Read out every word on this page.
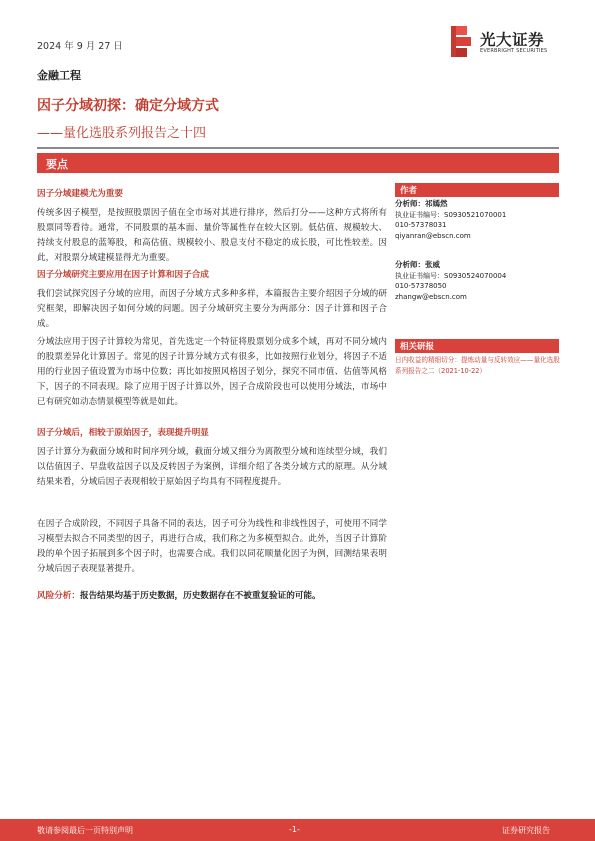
2024 年 9 月 27 日	光大证券
EVERBRIGHT SECURITIES
金融工程
因子分域初探：确定分域方式
——量化选股系列报告之十四
要点
因子分域建模尤为重要

传统多因子模型，是按照股票因子值在全市场对其进行排序，然后打分——这种方式将所有股票同等看待。通常，不同股票的基本面、量价等属性存在较大区别。低估值、规模较大、持续支付股息的蓝筹股，和高估值、规模较小、股息支付不稳定的成长股，可比性较差。因此，对股票分域建模显得尤为重要。

因子分域研究主要应用在因子计算和因子合成

我们尝试探究因子分域的应用，而因子分域方式多种多样，本篇报告主要介绍因子分域的研究框架，即解决因子如何分域的问题。因子分域研究主要分为两部分：因子计算和因子合成。

分域法应用于因子计算较为常见，首先选定一个特征将股票划分成多个域，再对不同分域内的股票差异化计算因子。常见的因子计算分域方式有很多，比如按照行业划分，将因子不适用的行业因子值设置为市场中位数；再比如按照风格因子划分，探究不同市值、估值等风格下，因子的不同表现。除了应用于因子计算以外，因子合成阶段也可以使用分域法，市场中已有研究如动态情景模型等就是如此。

因子分域后，相较于原始因子，表现提升明显

因子计算分为截面分域和时间序列分域，截面分域又细分为离散型分域和连续型分域，我们以估值因子、早盘收益因子以及反转因子为案例，详细介绍了各类分域方式的原理。从分域结果来看，分域后因子表现相较于原始因子均具有不同程度提升。

在因子合成阶段，不同因子具备不同的表达，因子可分为线性和非线性因子，可使用不同学习模型去拟合不同类型的因子，再进行合成，我们称之为多模型拟合。此外，当因子计算阶段的单个因子拓展到多个因子时，也需要合成。我们以同花顺量化因子为例，回测结果表明分域后因子表现显著提升。

风险分析：报告结果均基于历史数据，历史数据存在不被重复验证的可能。
作者
分析师：祁嫣然
执业证书编号：S0930521070001
010-57378031
qiyanran@ebscn.com
分析师：张威
执业证书编号：S0930524070004
010-57378050
zhangw@ebscn.com
相关研报
日内收益的精细切分：提炼动量与反转效应——量化选股系列报告之二（2021-10-22）
敬请参阅最后一页特别声明	-1-	证券研究报告
